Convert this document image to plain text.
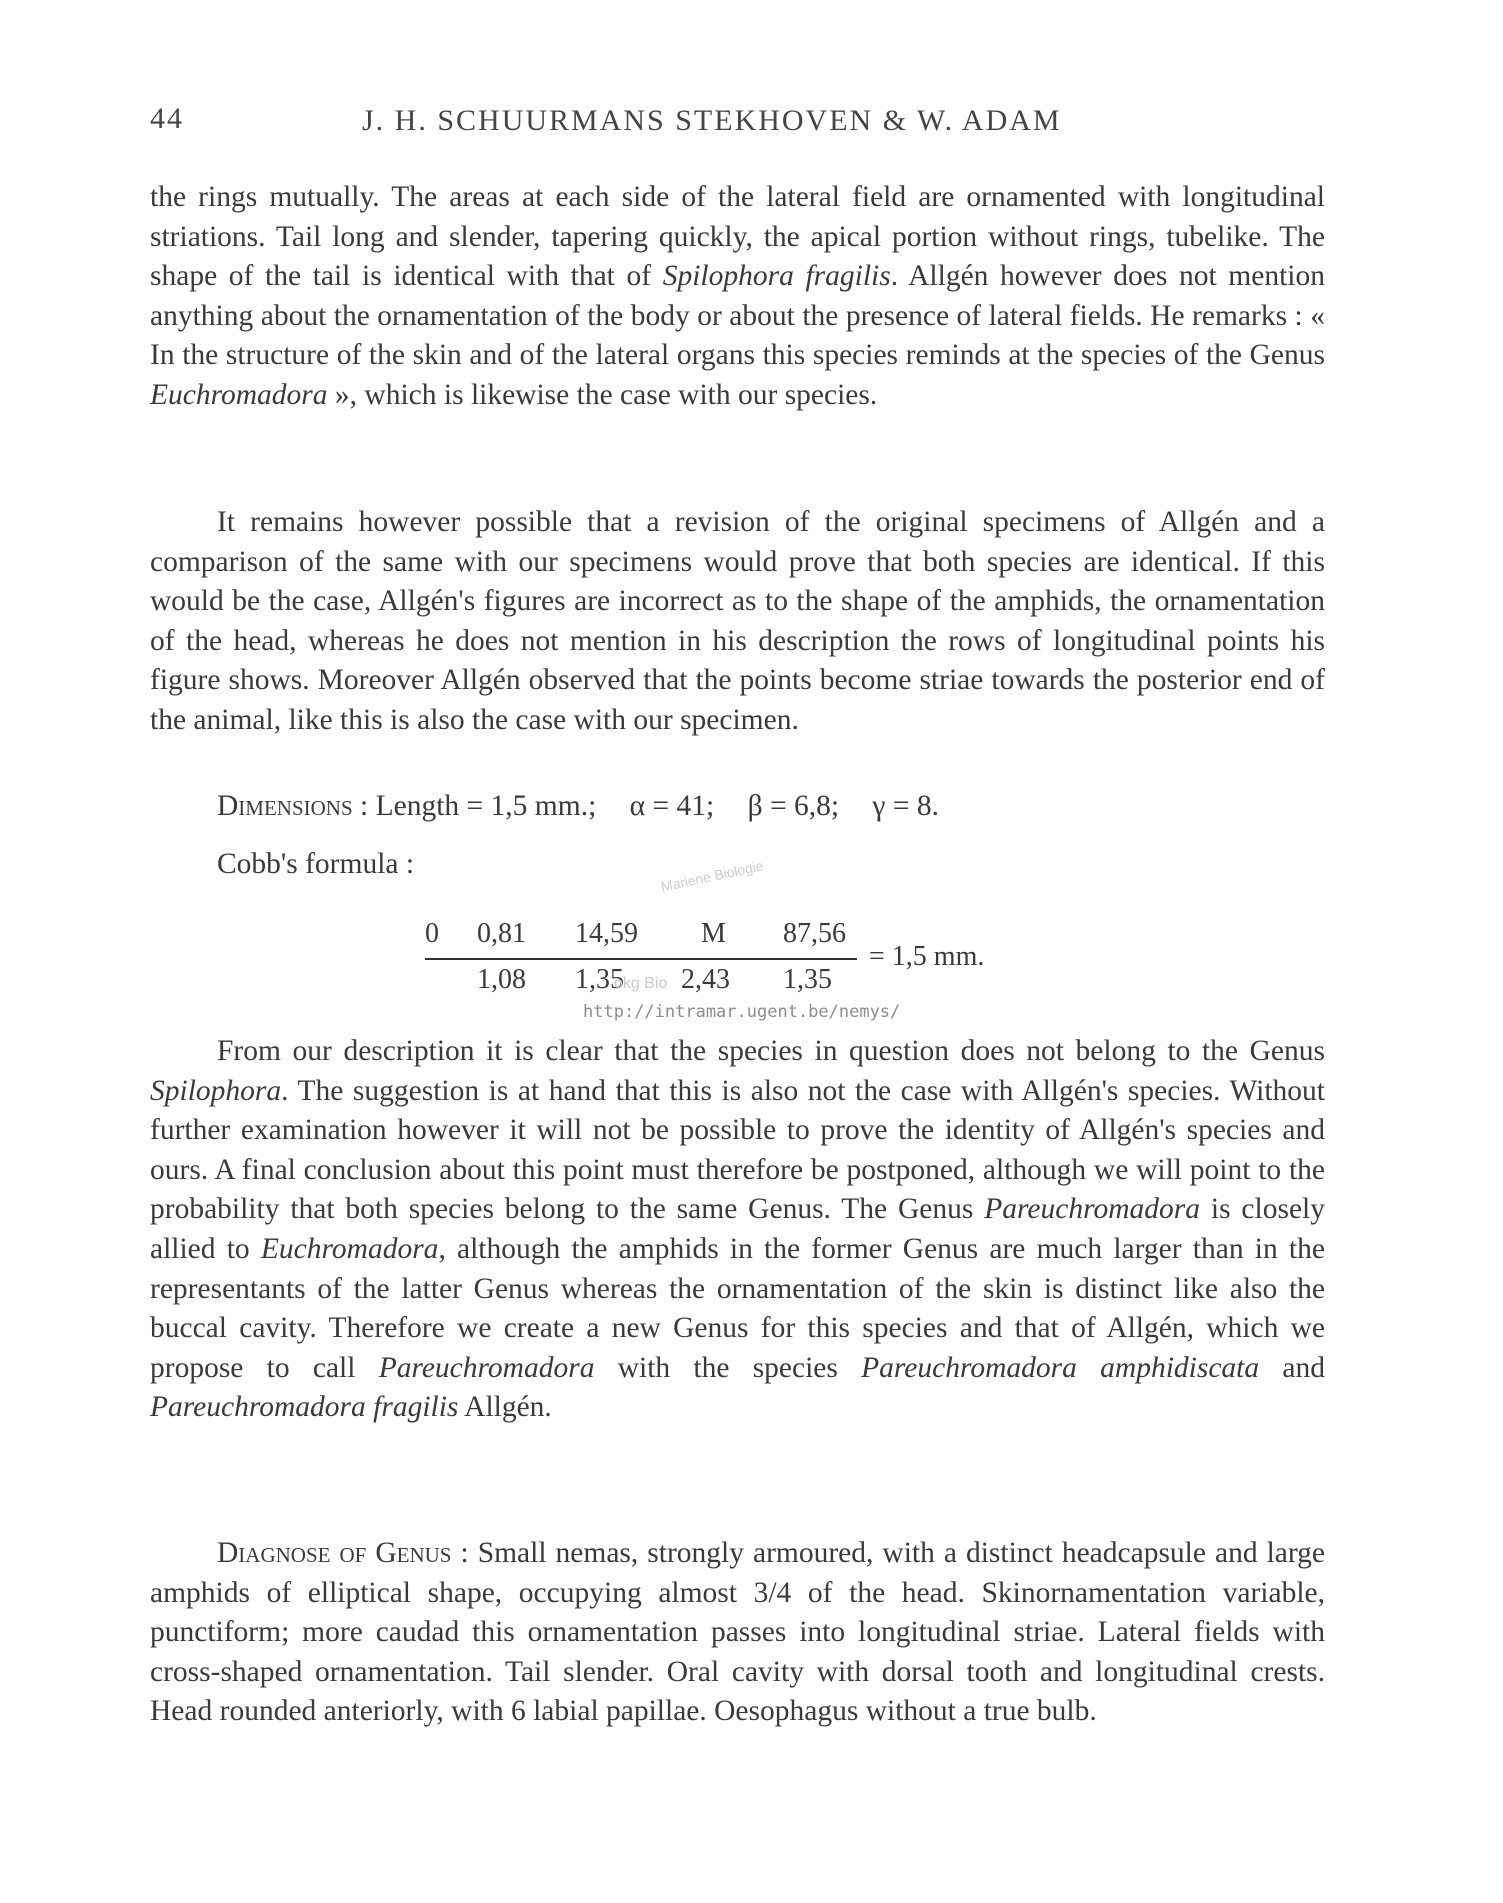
44	J. H. SCHUURMANS STEKHOVEN & W. ADAM

the rings mutually. The areas at each side of the lateral field are ornamented with longitudinal striations. Tail long and slender, tapering quickly, the apical portion without rings, tubelike. The shape of the tail is identical with that of Spilophora fragilis. Allgén however does not mention anything about the ornamentation of the body or about the presence of lateral fields. He remarks : « In the structure of the skin and of the lateral organs this species reminds at the species of the Genus Euchromadora », which is likewise the case with our species.

It remains however possible that a revision of the original specimens of Allgén and a comparison of the same with our specimens would prove that both species are identical. If this would be the case, Allgén's figures are incorrect as to the shape of the amphids, the ornamentation of the head, whereas he does not mention in his description the rows of longitudinal points his figure shows. Moreover Allgén observed that the points become striae towards the posterior end of the animal, like this is also the case with our specimen.

Dimensions : Length = 1,5 mm.; α = 41; β = 6,8; γ = 8.
Cobb's formula :	Mariene Biologie
0 0,81 14,59 M 87,56
1,08 1,35 2,43 1,35
= 1,5 mm.
okg Bio
http://intramar.ugent.be/nemys/

From our description it is clear that the species in question does not belong to the Genus Spilophora. The suggestion is at hand that this is also not the case with Allgén's species. Without further examination however it will not be possible to prove the identity of Allgén's species and ours. A final conclusion about this point must therefore be postponed, although we will point to the probability that both species belong to the same Genus. The Genus Pareuchromadora is closely allied to Euchromadora, although the amphids in the former Genus are much larger than in the representants of the latter Genus whereas the ornamentation of the skin is distinct like also the buccal cavity. Therefore we create a new Genus for this species and that of Allgén, which we propose to call Pareuchromadora with the species Pareuchromadora amphidiscata and Pareuchromadora fragilis Allgén.

Diagnose of Genus : Small nemas, strongly armoured, with a distinct headcapsule and large amphids of elliptical shape, occupying almost 3/4 of the head. Skinornamentation variable, punctiform; more caudad this ornamentation passes into longitudinal striae. Lateral fields with cross-shaped ornamentation. Tail slender. Oral cavity with dorsal tooth and longitudinal crests. Head rounded anteriorly, with 6 labial papillae. Oesophagus without a true bulb.
